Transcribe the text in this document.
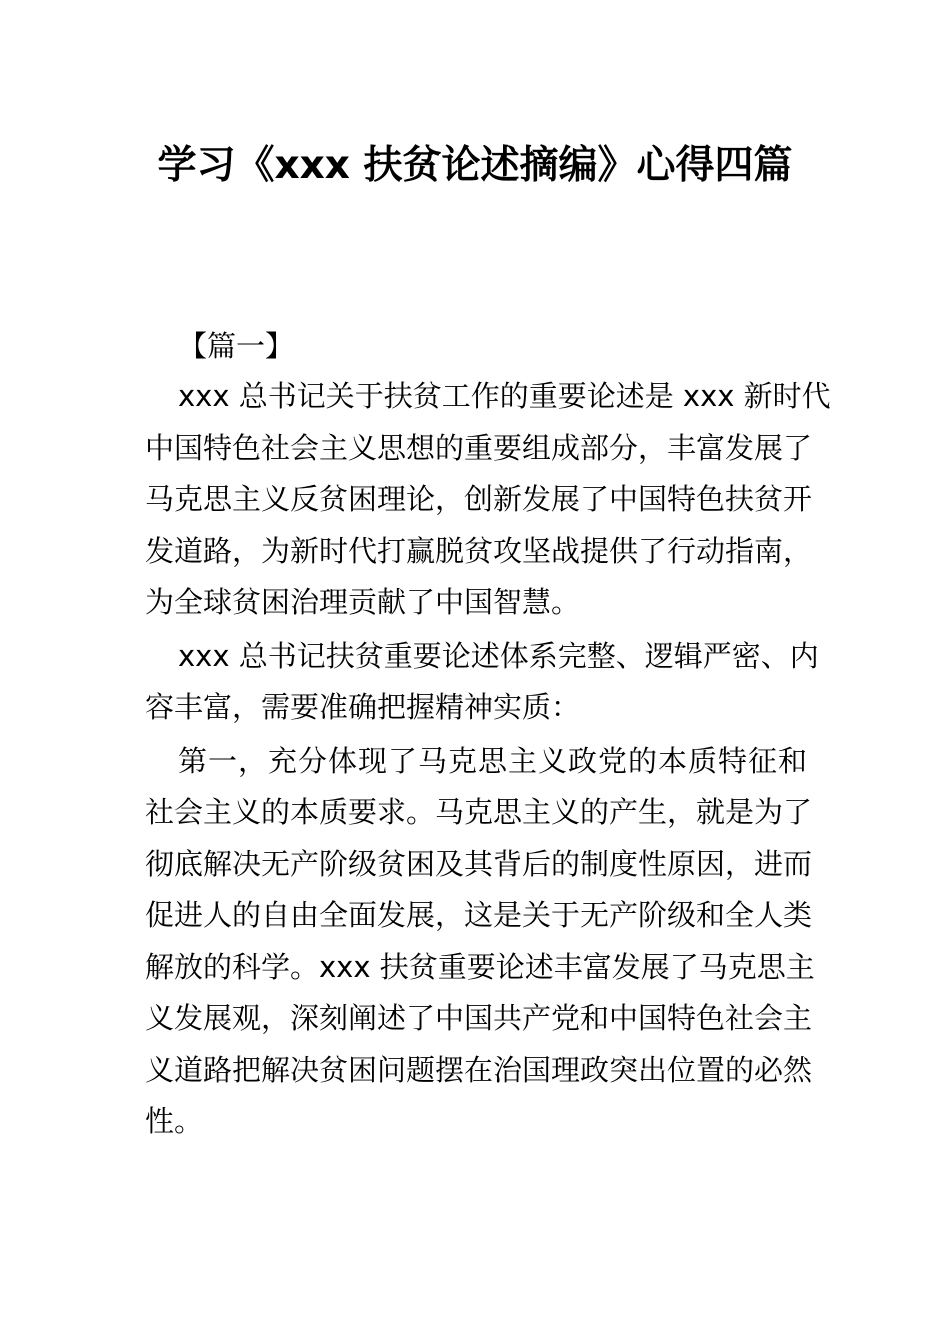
学习《xxx 扶贫论述摘编》心得四篇
【篇一】
xxx 总书记关于扶贫工作的重要论述是 xxx 新时代
中国特色社会主义思想的重要组成部分，丰富发展了
马克思主义反贫困理论，创新发展了中国特色扶贫开
发道路，为新时代打赢脱贫攻坚战提供了行动指南，
为全球贫困治理贡献了中国智慧。
xxx 总书记扶贫重要论述体系完整、逻辑严密、内
容丰富，需要准确把握精神实质：
第一，充分体现了马克思主义政党的本质特征和
社会主义的本质要求。马克思主义的产生，就是为了
彻底解决无产阶级贫困及其背后的制度性原因，进而
促进人的自由全面发展，这是关于无产阶级和全人类
解放的科学。xxx 扶贫重要论述丰富发展了马克思主
义发展观，深刻阐述了中国共产党和中国特色社会主
义道路把解决贫困问题摆在治国理政突出位置的必然
性。
